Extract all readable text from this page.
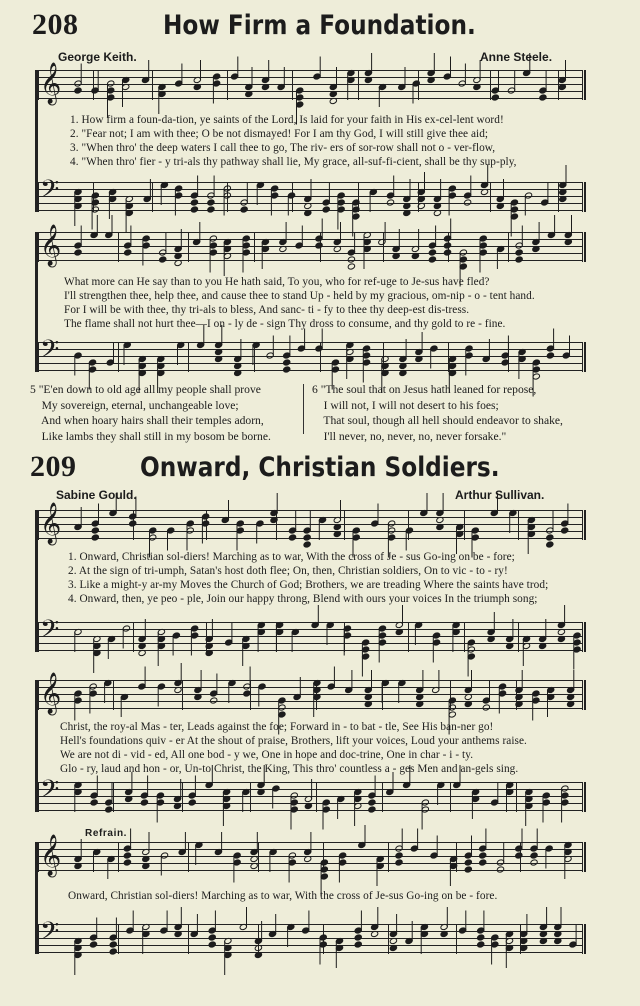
208	How Firm a Foundation.
George Keith.	Anne Steele.
𝄞
1. How firm a foun-da-tion, ye saints of the Lord, Is laid for your faith in His ex-cel-lent word!
2. "Fear not; I am with thee; O be not dismayed! For I am thy God, I will still give thee aid;
3. "When thro' the deep waters I call thee to go, The riv- ers of sor-row shall not o - ver-flow,
4. "When thro' fier - y tri-als thy pathway shall lie, My grace, all-suf-fi-cient, shall be thy sup-ply,
𝄢
𝄞
What more can He say than to you He hath said, To you, who for ref-uge to Je-sus have fled?
I'll strengthen thee, help thee, and cause thee to stand Up - held by my gracious, om-nip - o - tent hand.
For I will be with thee, thy tri-als to bless, And sanc- ti - fy to thee thy deep-est dis-tress.
The flame shall not hurt thee—I on - ly de - sign Thy dross to consume, and thy gold to re - fine.
𝄢
5 "E'en down to old age all my people shall prove
My sovereign, eternal, unchangeable love;
And when hoary hairs shall their temples adorn,
Like lambs they shall still in my bosom be borne.
6 "The soul that on Jesus hath leaned for repose,
I will not, I will not desert to his foes;
That soul, though all hell should endeavor to shake,
I'll never, no, never, no, never forsake."
209 Onward, Christian Soldiers.
Sabine Gould.	Arthur Sullivan.
𝄞
1. Onward, Christian sol-diers! Marching as to war, With the cross of Je - sus Go-ing on be - fore;
2. At the sign of tri-umph, Satan's host doth flee; On, then, Christian soldiers, On to vic - to - ry!
3. Like a might-y ar-my Moves the Church of God; Brothers, we are treading Where the saints have trod;
4. Onward, then, ye peo - ple, Join our happy throng, Blend with ours your voices In the triumph song;
𝄢
𝄞
Christ, the roy-al Mas - ter, Leads against the foe; Forward in - to bat - tle, See His ban-ner go!
Hell's foundations quiv - er At the shout of praise, Brothers, lift your voices, Loud your anthems raise.
We are not di - vid - ed, All one bod - y we, One in hope and doc-trine, One in char - i - ty.
Glo - ry, laud and hon - or, Un-to Christ, the King, This thro' countless a - ges Men and an-gels sing.
𝄢
Refrain.
𝄞
Onward, Christian sol-diers! Marching as to war, With the cross of Je-sus Go-ing on be - fore.
𝄢
